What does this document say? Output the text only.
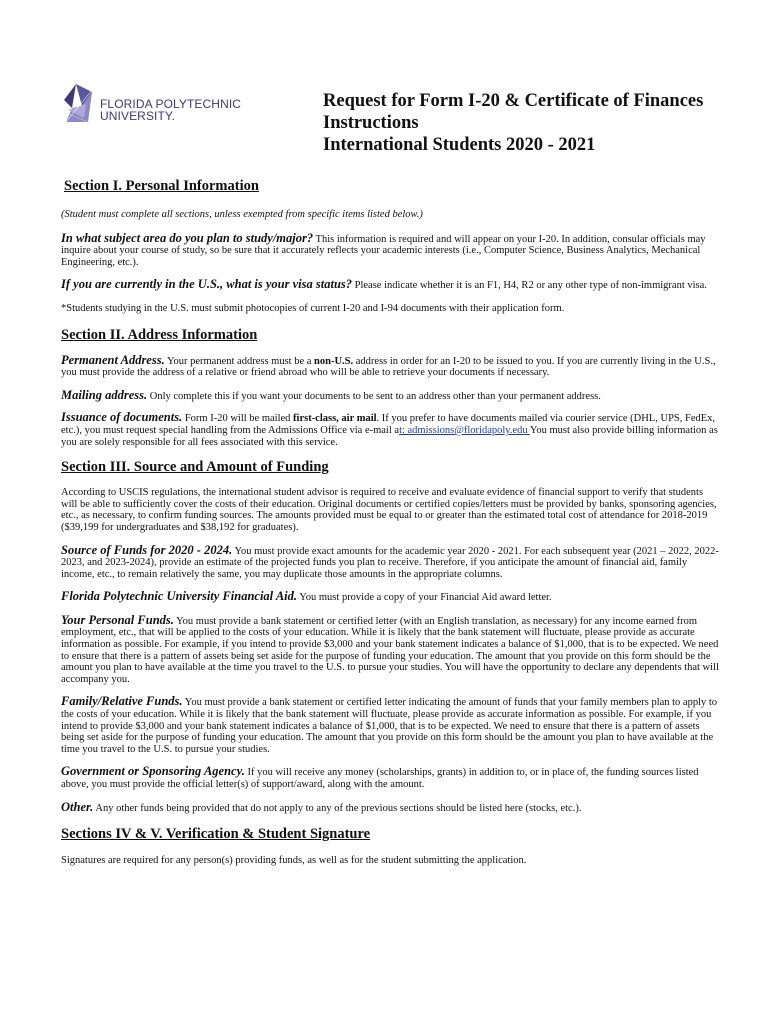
FLORIDA POLYTECHNIC
UNIVERSITY.
Request for Form I-20 & Certificate of Finances
Instructions
International Students 2020 - 2021

Section I. Personal Information

(Student must complete all sections, unless exempted from specific items listed below.)

In what subject area do you plan to study/major? This information is required and will appear on your I-20. In addition, consular officials may inquire about your course of study, so be sure that it accurately reflects your academic interests (i.e., Computer Science, Business Analytics, Mechanical Engineering, etc.).

If you are currently in the U.S., what is your visa status? Please indicate whether it is an F1, H4, R2 or any other type of non-immigrant visa.

*Students studying in the U.S. must submit photocopies of current I-20 and I-94 documents with their application form.

Section II. Address Information

Permanent Address. Your permanent address must be a non-U.S. address in order for an I-20 to be issued to you. If you are currently living in the U.S., you must provide the address of a relative or friend abroad who will be able to retrieve your documents if necessary.

Mailing address. Only complete this if you want your documents to be sent to an address other than your permanent address.

Issuance of documents. Form I-20 will be mailed first-class, air mail. If you prefer to have documents mailed via courier service (DHL, UPS, FedEx, etc.), you must request special handling from the Admissions Office via e-mail at: admissions@floridapoly.edu You must also provide billing information as you are solely responsible for all fees associated with this service.

Section III. Source and Amount of Funding

According to USCIS regulations, the international student advisor is required to receive and evaluate evidence of financial support to verify that students will be able to sufficiently cover the costs of their education. Original documents or certified copies/letters must be provided by banks, sponsoring agencies, etc., as necessary, to confirm funding sources. The amounts provided must be equal to or greater than the estimated total cost of attendance for 2018-2019 ($39,199 for undergraduates and $38,192 for graduates).

Source of Funds for 2020 - 2024. You must provide exact amounts for the academic year 2020 - 2021. For each subsequent year (2021 – 2022, 2022-2023, and 2023-2024), provide an estimate of the projected funds you plan to receive. Therefore, if you anticipate the amount of financial aid, family income, etc., to remain relatively the same, you may duplicate those amounts in the appropriate columns.

Florida Polytechnic University Financial Aid. You must provide a copy of your Financial Aid award letter.

Your Personal Funds. You must provide a bank statement or certified letter (with an English translation, as necessary) for any income earned from employment, etc., that will be applied to the costs of your education. While it is likely that the bank statement will fluctuate, please provide as accurate information as possible. For example, if you intend to provide $3,000 and your bank statement indicates a balance of $1,000, that is to be expected. We need to ensure that there is a pattern of assets being set aside for the purpose of funding your education. The amount that you provide on this form should be the amount you plan to have available at the time you travel to the U.S. to pursue your studies. You will have the opportunity to declare any dependents that will accompany you.

Family/Relative Funds. You must provide a bank statement or certified letter indicating the amount of funds that your family members plan to apply to the costs of your education. While it is likely that the bank statement will fluctuate, please provide as accurate information as possible. For example, if you intend to provide $3,000 and your bank statement indicates a balance of $1,000, that is to be expected. We need to ensure that there is a pattern of assets being set aside for the purpose of funding your education. The amount that you provide on this form should be the amount you plan to have available at the time you travel to the U.S. to pursue your studies.

Government or Sponsoring Agency. If you will receive any money (scholarships, grants) in addition to, or in place of, the funding sources listed above, you must provide the official letter(s) of support/award, along with the amount.

Other. Any other funds being provided that do not apply to any of the previous sections should be listed here (stocks, etc.).

Sections IV & V. Verification & Student Signature

Signatures are required for any person(s) providing funds, as well as for the student submitting the application.
